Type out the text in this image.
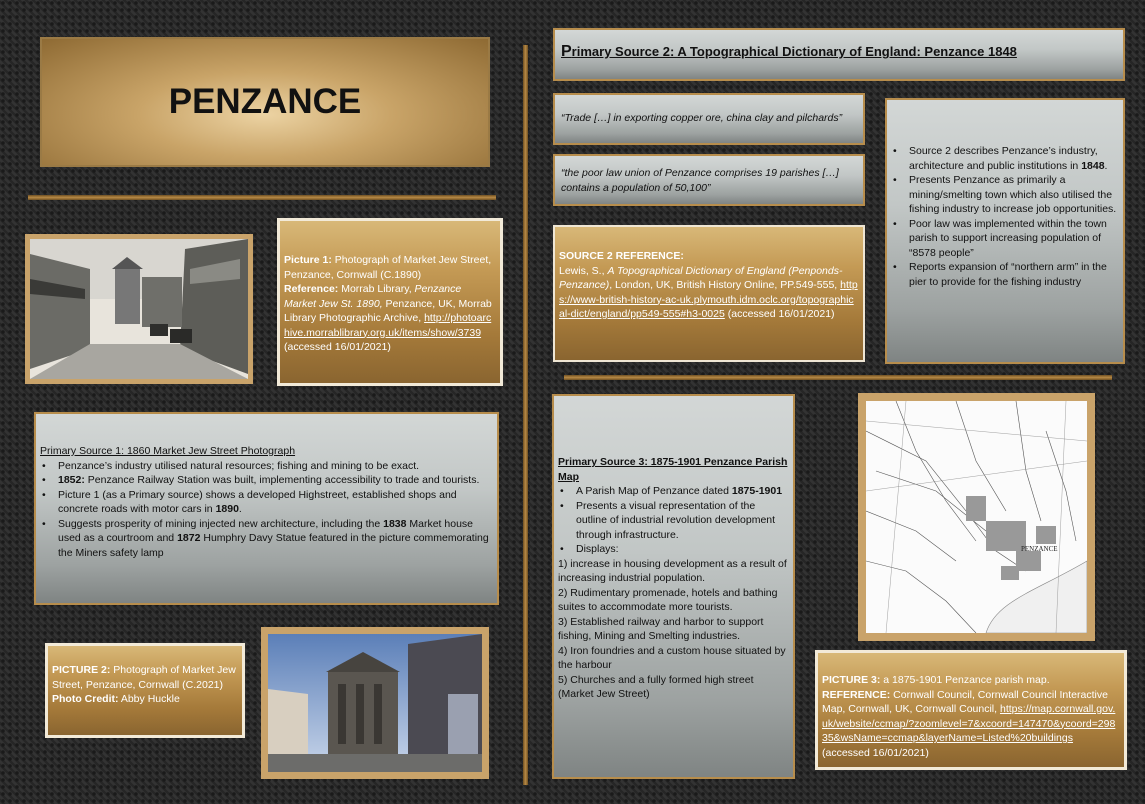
PENZANCE
Primary Source 2: A Topographical Dictionary of England: Penzance 1848
“Trade […] in exporting copper ore, china clay and pilchards”
“the poor law union of Penzance comprises 19 parishes […] contains a population of 50,100”
SOURCE 2 REFERENCE:
Lewis, S., A Topographical Dictionary of England (Penponds-Penzance), London, UK, British History Online, PP.549-555, https://www-british-history-ac-uk.plymouth.idm.oclc.org/topographical-dict/england/pp549-555#h3-0025 (accessed 16/01/2021)
• Source 2 describes Penzance’s industry, architecture and public institutions in 1848.
• Presents Penzance as primarily a mining/smelting town which also utilised the fishing industry to increase job opportunities.
• Poor law was implemented within the town parish to support increasing population of “8578 people”
• Reports expansion of “northern arm” in the pier to provide for the fishing industry
Picture 1: Photograph of Market Jew Street, Penzance, Cornwall (C.1890)
Reference: Morrab Library, Penzance Market Jew St. 1890, Penzance, UK, Morrab Library Photographic Archive, http://photoarchive.morrablibrary.org.uk/items/show/3739 (accessed 16/01/2021)
Primary Source 1: 1860 Market Jew Street Photograph
• Penzance’s industry utilised natural resources; fishing and mining to be exact.
• 1852: Penzance Railway Station was built, implementing accessibility to trade and tourists.
• Picture 1 (as a Primary source) shows a developed Highstreet, established shops and concrete roads with motor cars in 1890.
• Suggests prosperity of mining injected new architecture, including the 1838 Market house used as a courtroom and 1872 Humphry Davy Statue featured in the picture commemorating the Miners safety lamp
PICTURE 2: Photograph of Market Jew Street, Penzance, Cornwall (C.2021)
Photo Credit: Abby Huckle
Primary Source 3: 1875-1901 Penzance Parish Map
• A Parish Map of Penzance dated 1875-1901
• Presents a visual representation of the outline of industrial revolution development through infrastructure.
• Displays:
1) increase in housing development as a result of increasing industrial population.
2) Rudimentary promenade, hotels and bathing suites to accommodate more tourists.
3) Established railway and harbor to support fishing, Mining and Smelting industries.
4) Iron foundries and a custom house situated by the harbour
5) Churches and a fully formed high street (Market Jew Street)
PENZANCE
PICTURE 3: a 1875-1901 Penzance parish map.
REFERENCE: Cornwall Council, Cornwall Council Interactive Map, Cornwall, UK, Cornwall Council, https://map.cornwall.gov.uk/website/ccmap/?zoomlevel=7&xcoord=147470&ycoord=29835&wsName=ccmap&layerName=Listed%20buildings (accessed 16/01/2021)
